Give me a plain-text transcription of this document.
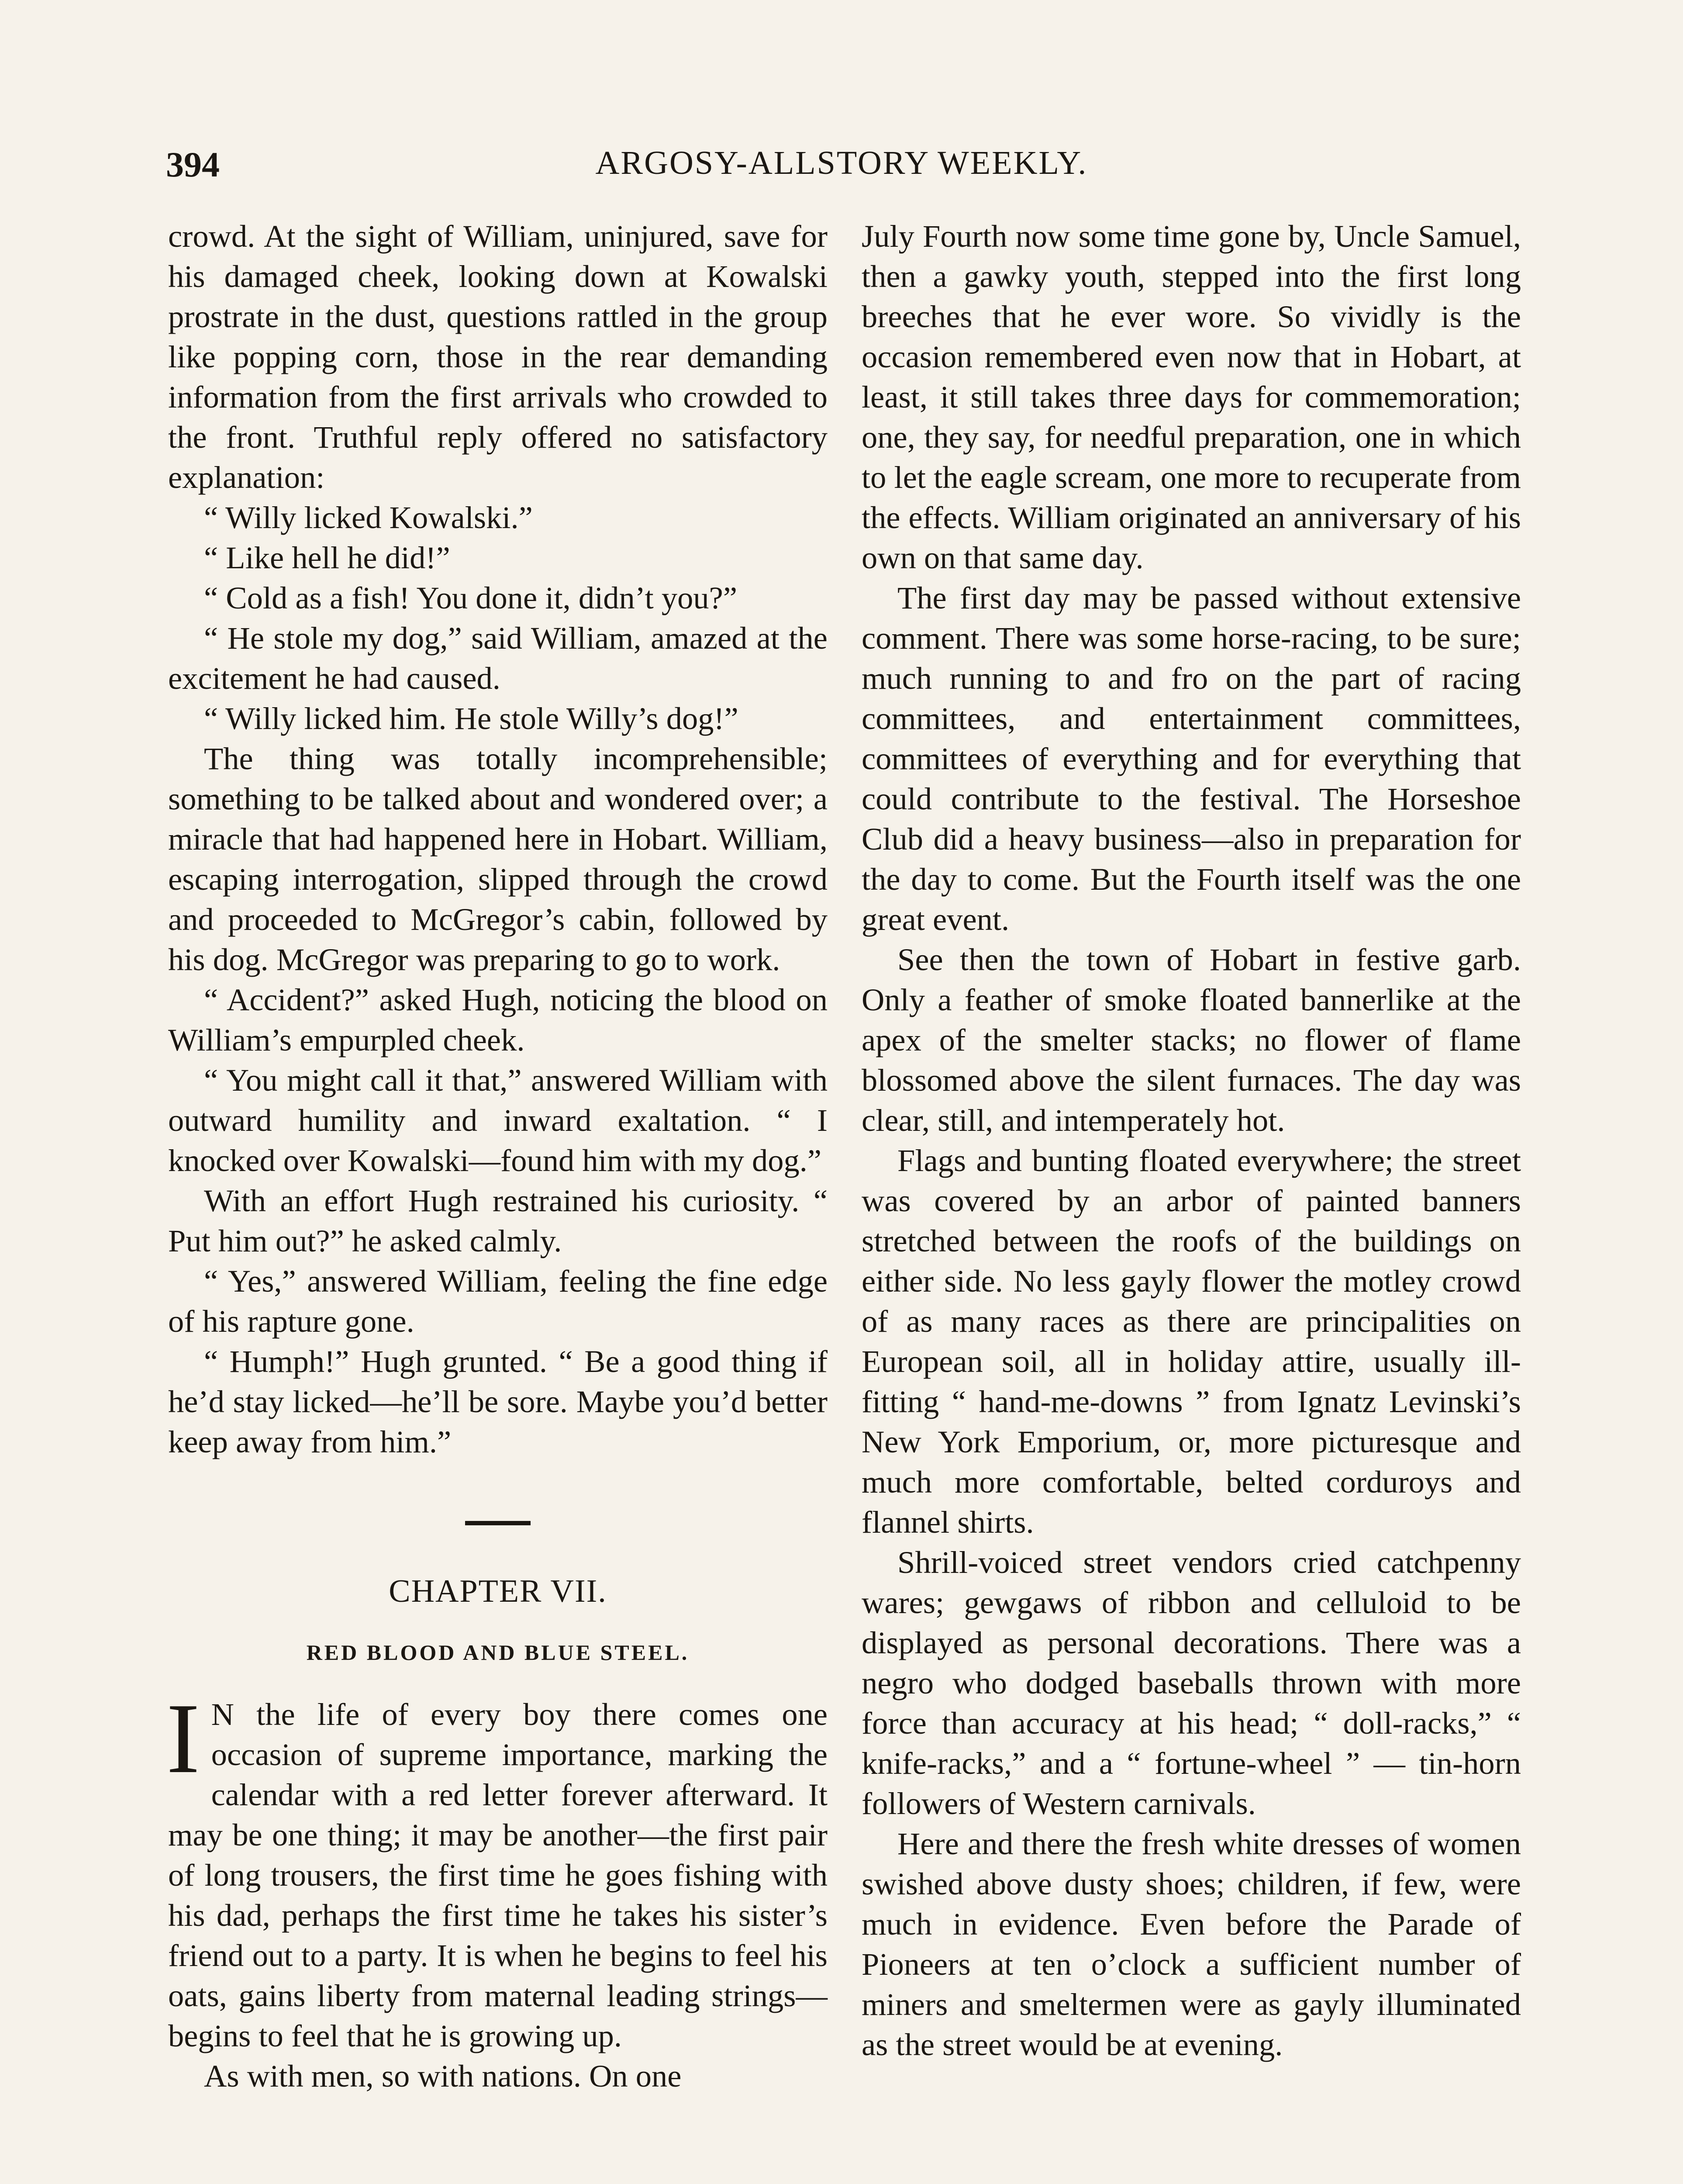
394	ARGOSY-ALLSTORY WEEKLY.

crowd. At the sight of William, uninjured, save for his damaged cheek, looking down at Kowalski prostrate in the dust, questions rattled in the group like popping corn, those in the rear demanding information from the first arrivals who crowded to the front. Truthful reply offered no satisfactory explanation:

“ Willy licked Kowalski.”

“ Like hell he did!”

“ Cold as a fish! You done it, didn’t you?”

“ He stole my dog,” said William, amazed at the excitement he had caused.

“ Willy licked him. He stole Willy’s dog!”

The thing was totally incomprehensible; something to be talked about and wondered over; a miracle that had happened here in Hobart. William, escaping interrogation, slipped through the crowd and proceeded to McGregor’s cabin, followed by his dog. McGregor was preparing to go to work.

“ Accident?” asked Hugh, noticing the blood on William’s empurpled cheek.

“ You might call it that,” answered William with outward humility and inward exaltation. “ I knocked over Kowalski—found him with my dog.”

With an effort Hugh restrained his curiosity. “ Put him out?” he asked calmly.

“ Yes,” answered William, feeling the fine edge of his rapture gone.

“ Humph!” Hugh grunted. “ Be a good thing if he’d stay licked—he’ll be sore. Maybe you’d better keep away from him.”

CHAPTER VII.
RED BLOOD AND BLUE STEEL.

I N the life of every boy there comes one occasion of supreme importance, marking the calendar with a red letter forever afterward. It may be one thing; it may be another—the first pair of long trousers, the first time he goes fishing with his dad, perhaps the first time he takes his sister’s friend out to a party. It is when he begins to feel his oats, gains liberty from maternal leading strings—begins to feel that he is growing up.

As with men, so with nations. On one

July Fourth now some time gone by, Uncle Samuel, then a gawky youth, stepped into the first long breeches that he ever wore. So vividly is the occasion remembered even now that in Hobart, at least, it still takes three days for commemoration; one, they say, for needful preparation, one in which to let the eagle scream, one more to recuperate from the effects. William originated an anniversary of his own on that same day.

The first day may be passed without extensive comment. There was some horse-racing, to be sure; much running to and fro on the part of racing committees, and entertainment committees, committees of everything and for everything that could contribute to the festival. The Horseshoe Club did a heavy business—also in preparation for the day to come. But the Fourth itself was the one great event.

See then the town of Hobart in festive garb. Only a feather of smoke floated bannerlike at the apex of the smelter stacks; no flower of flame blossomed above the silent furnaces. The day was clear, still, and intemperately hot.

Flags and bunting floated everywhere; the street was covered by an arbor of painted banners stretched between the roofs of the buildings on either side. No less gayly flower the motley crowd of as many races as there are principalities on European soil, all in holiday attire, usually ill-fitting “ hand-me-downs ” from Ignatz Levinski’s New York Emporium, or, more picturesque and much more comfortable, belted corduroys and flannel shirts.

Shrill-voiced street vendors cried catchpenny wares; gewgaws of ribbon and celluloid to be displayed as personal decorations. There was a negro who dodged baseballs thrown with more force than accuracy at his head; “ doll-racks,” “ knife-racks,” and a “ fortune-wheel ” — tin-horn followers of Western carnivals.

Here and there the fresh white dresses of women swished above dusty shoes; children, if few, were much in evidence. Even before the Parade of Pioneers at ten o’clock a sufficient number of miners and smeltermen were as gayly illuminated as the street would be at evening.
